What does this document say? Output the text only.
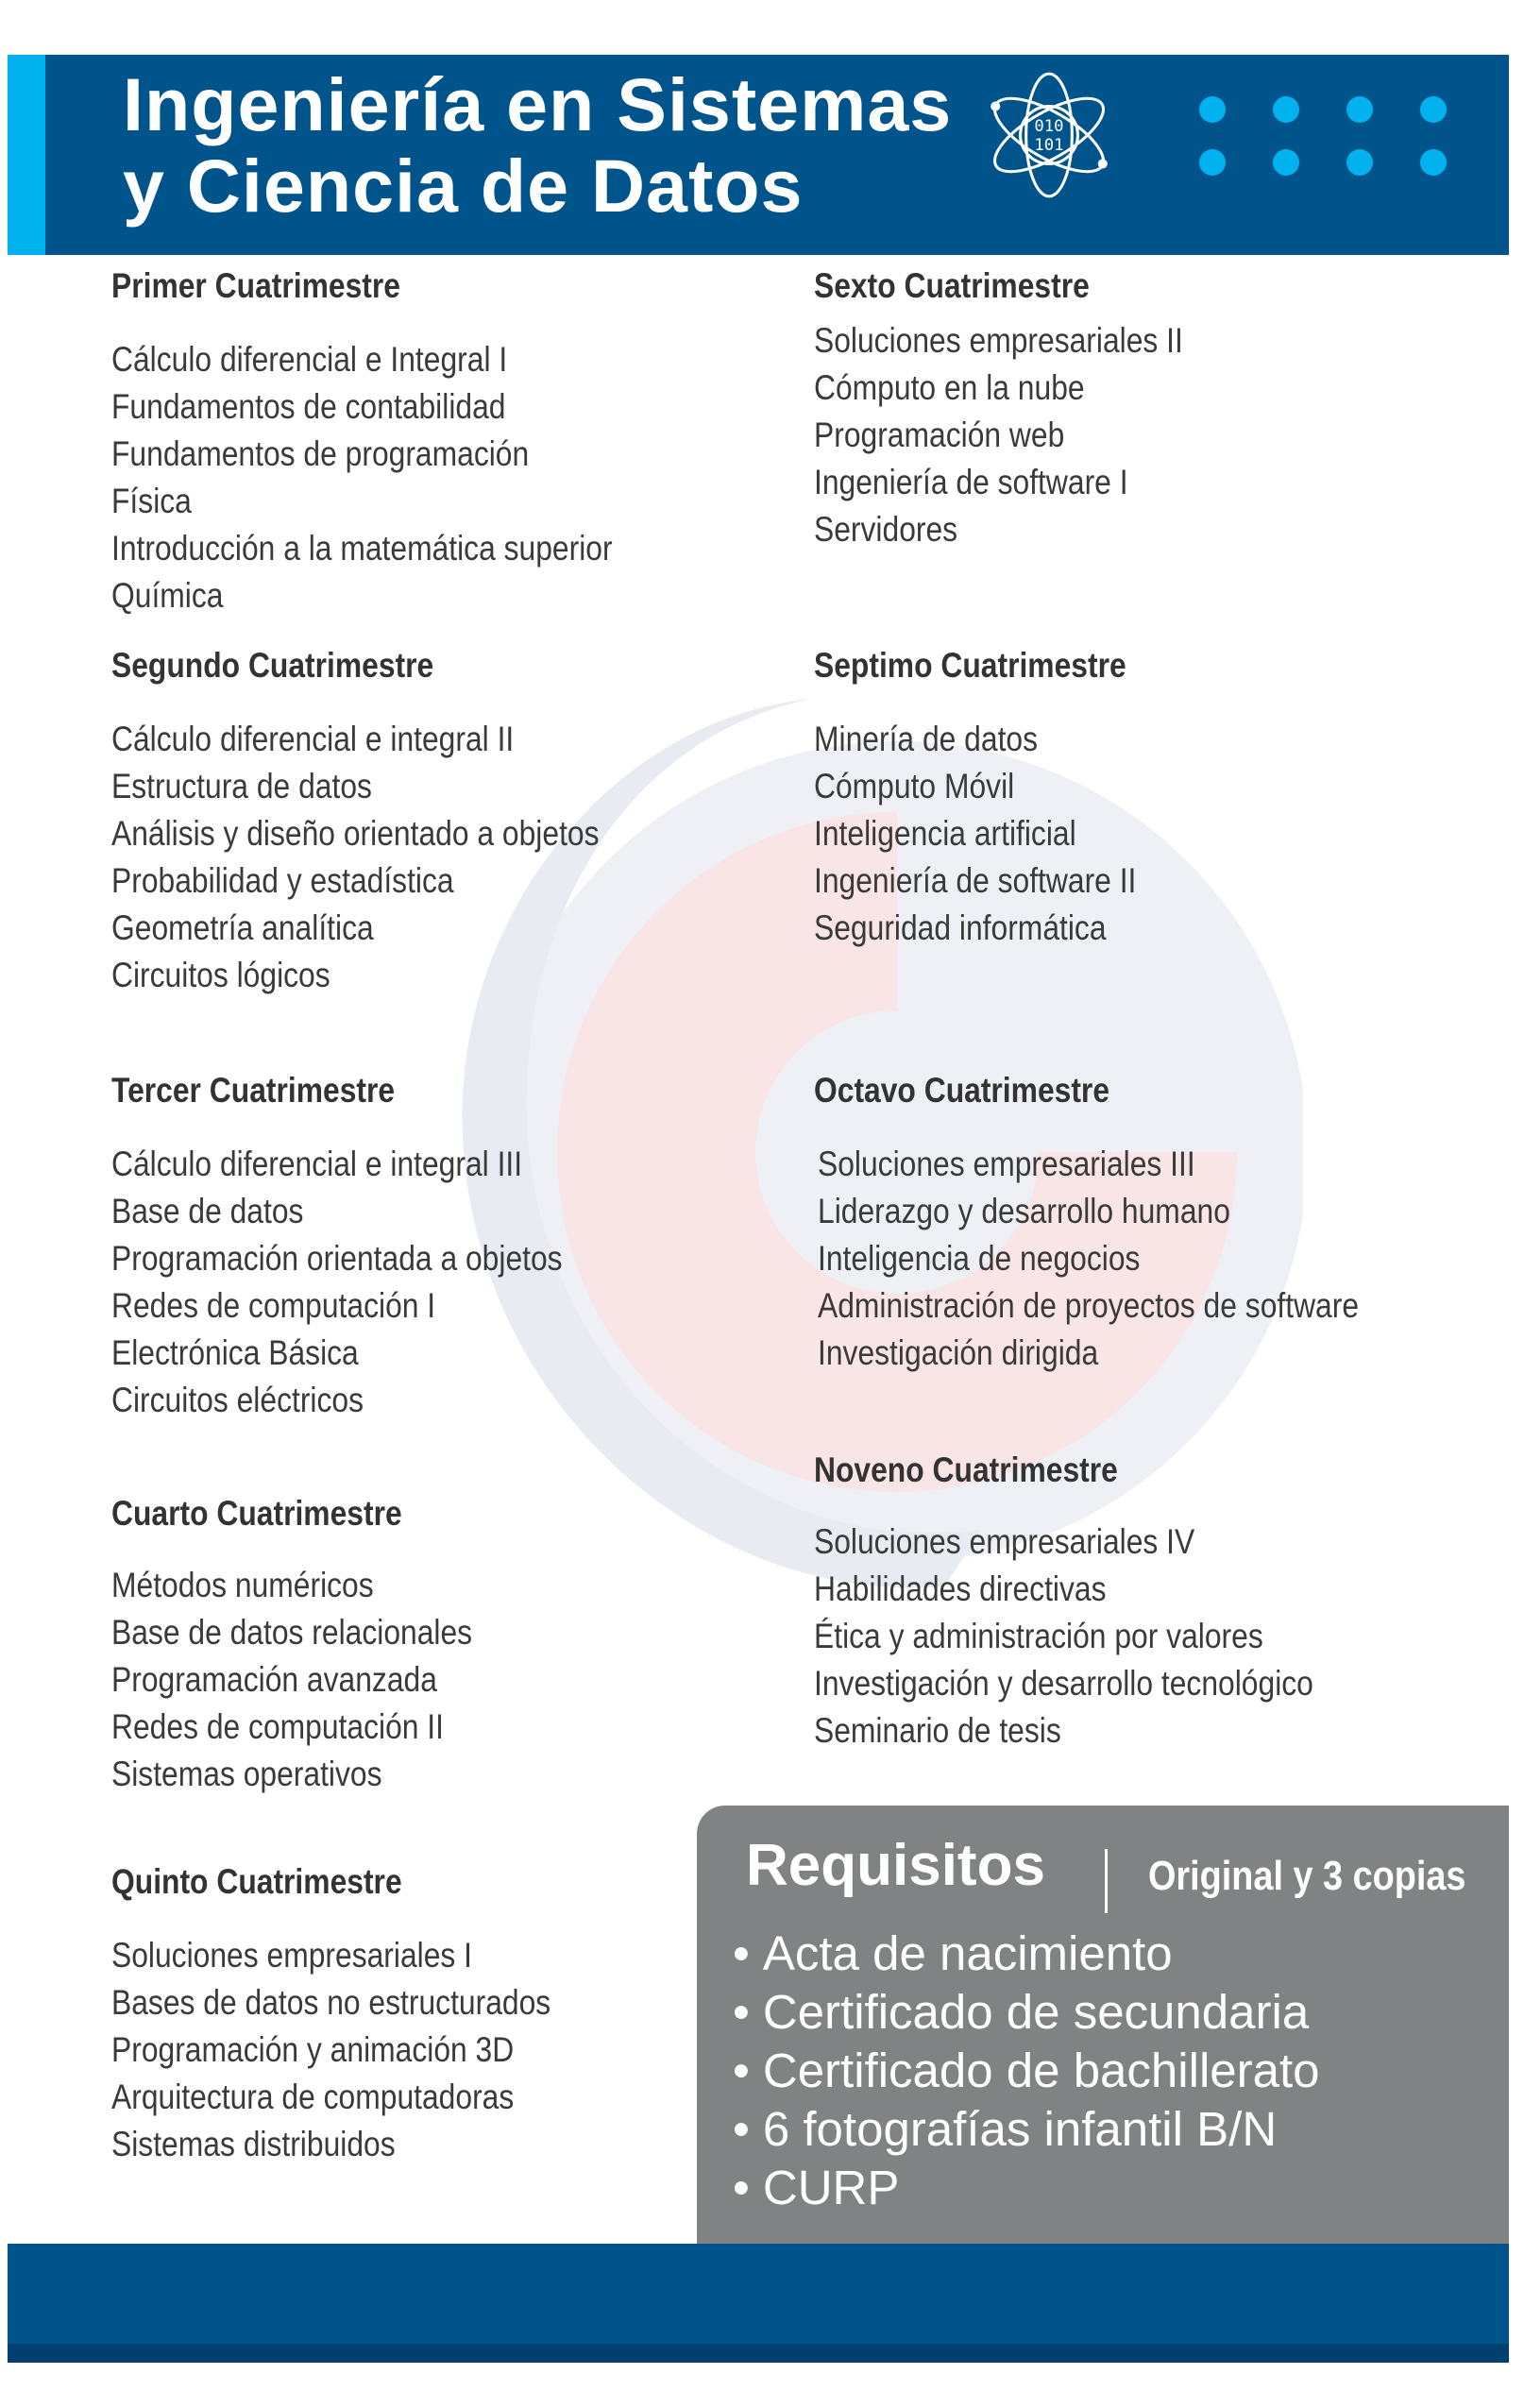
Ingeniería en Sistemas
y Ciencia de Datos
010
101
Primer Cuatrimestre
Cálculo diferencial e Integral I
Fundamentos de contabilidad
Fundamentos de programación
Física
Introducción a la matemática superior
Química
Segundo Cuatrimestre
Cálculo diferencial e integral II
Estructura de datos
Análisis y diseño orientado a objetos
Probabilidad y estadística
Geometría analítica
Circuitos lógicos
Tercer Cuatrimestre
Cálculo diferencial e integral III
Base de datos
Programación orientada a objetos
Redes de computación I
Electrónica Básica
Circuitos eléctricos
Cuarto Cuatrimestre
Métodos numéricos
Base de datos relacionales
Programación avanzada
Redes de computación II
Sistemas operativos
Quinto Cuatrimestre
Soluciones empresariales I
Bases de datos no estructurados
Programación y animación 3D
Arquitectura de computadoras
Sistemas distribuidos
Sexto Cuatrimestre
Soluciones empresariales II
Cómputo en la nube
Programación web
Ingeniería de software I
Servidores
Septimo Cuatrimestre
Minería de datos
Cómputo Móvil
Inteligencia artificial
Ingeniería de software II
Seguridad informática
Octavo Cuatrimestre
Soluciones empresariales III
Liderazgo y desarrollo humano
Inteligencia de negocios
Administración de proyectos de software
Investigación dirigida
Noveno Cuatrimestre
Soluciones empresariales IV
Habilidades directivas
Ética y administración por valores
Investigación y desarrollo tecnológico
Seminario de tesis
Requisitos Original y 3 copias
• Acta de nacimiento
• Certificado de secundaria
• Certificado de bachillerato
• 6 fotografías infantil B/N
• CURP
